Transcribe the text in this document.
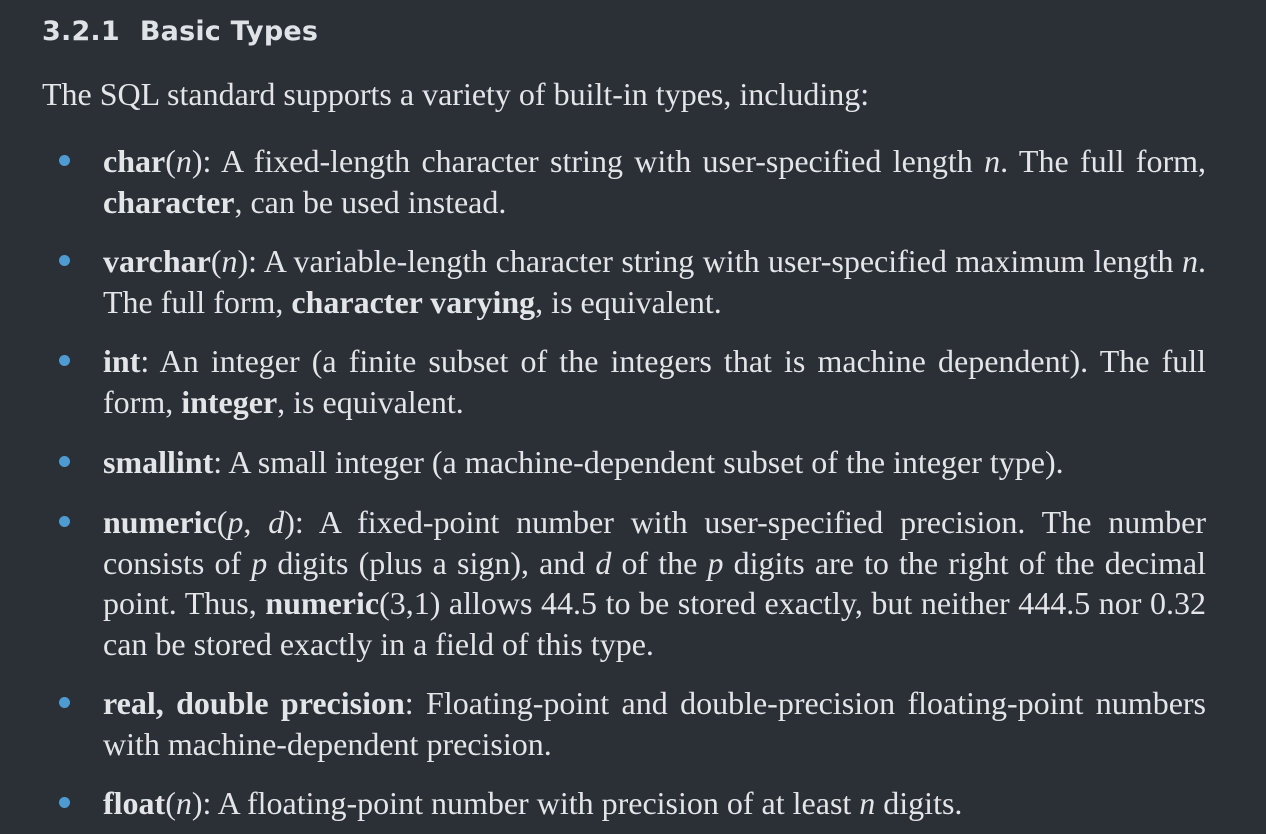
3.2.1 Basic Types
The SQL standard supports a variety of built-in types, including:
char(n): A fixed-length character string with user-specified length n. The full form, character, can be used instead.
varchar(n): A variable-length character string with user-specified maximum length n. The full form, character varying, is equivalent.
int: An integer (a finite subset of the integers that is machine dependent). The full form, integer, is equivalent.
smallint: A small integer (a machine-dependent subset of the integer type).
numeric(p, d): A fixed-point number with user-specified precision. The number consists of p digits (plus a sign), and d of the p digits are to the right of the decimal point. Thus, numeric(3,1) allows 44.5 to be stored exactly, but neither 444.5 nor 0.32 can be stored exactly in a field of this type.
real, double precision: Floating-point and double-precision floating-point numbers with machine-dependent precision.
float(n): A floating-point number with precision of at least n digits.
